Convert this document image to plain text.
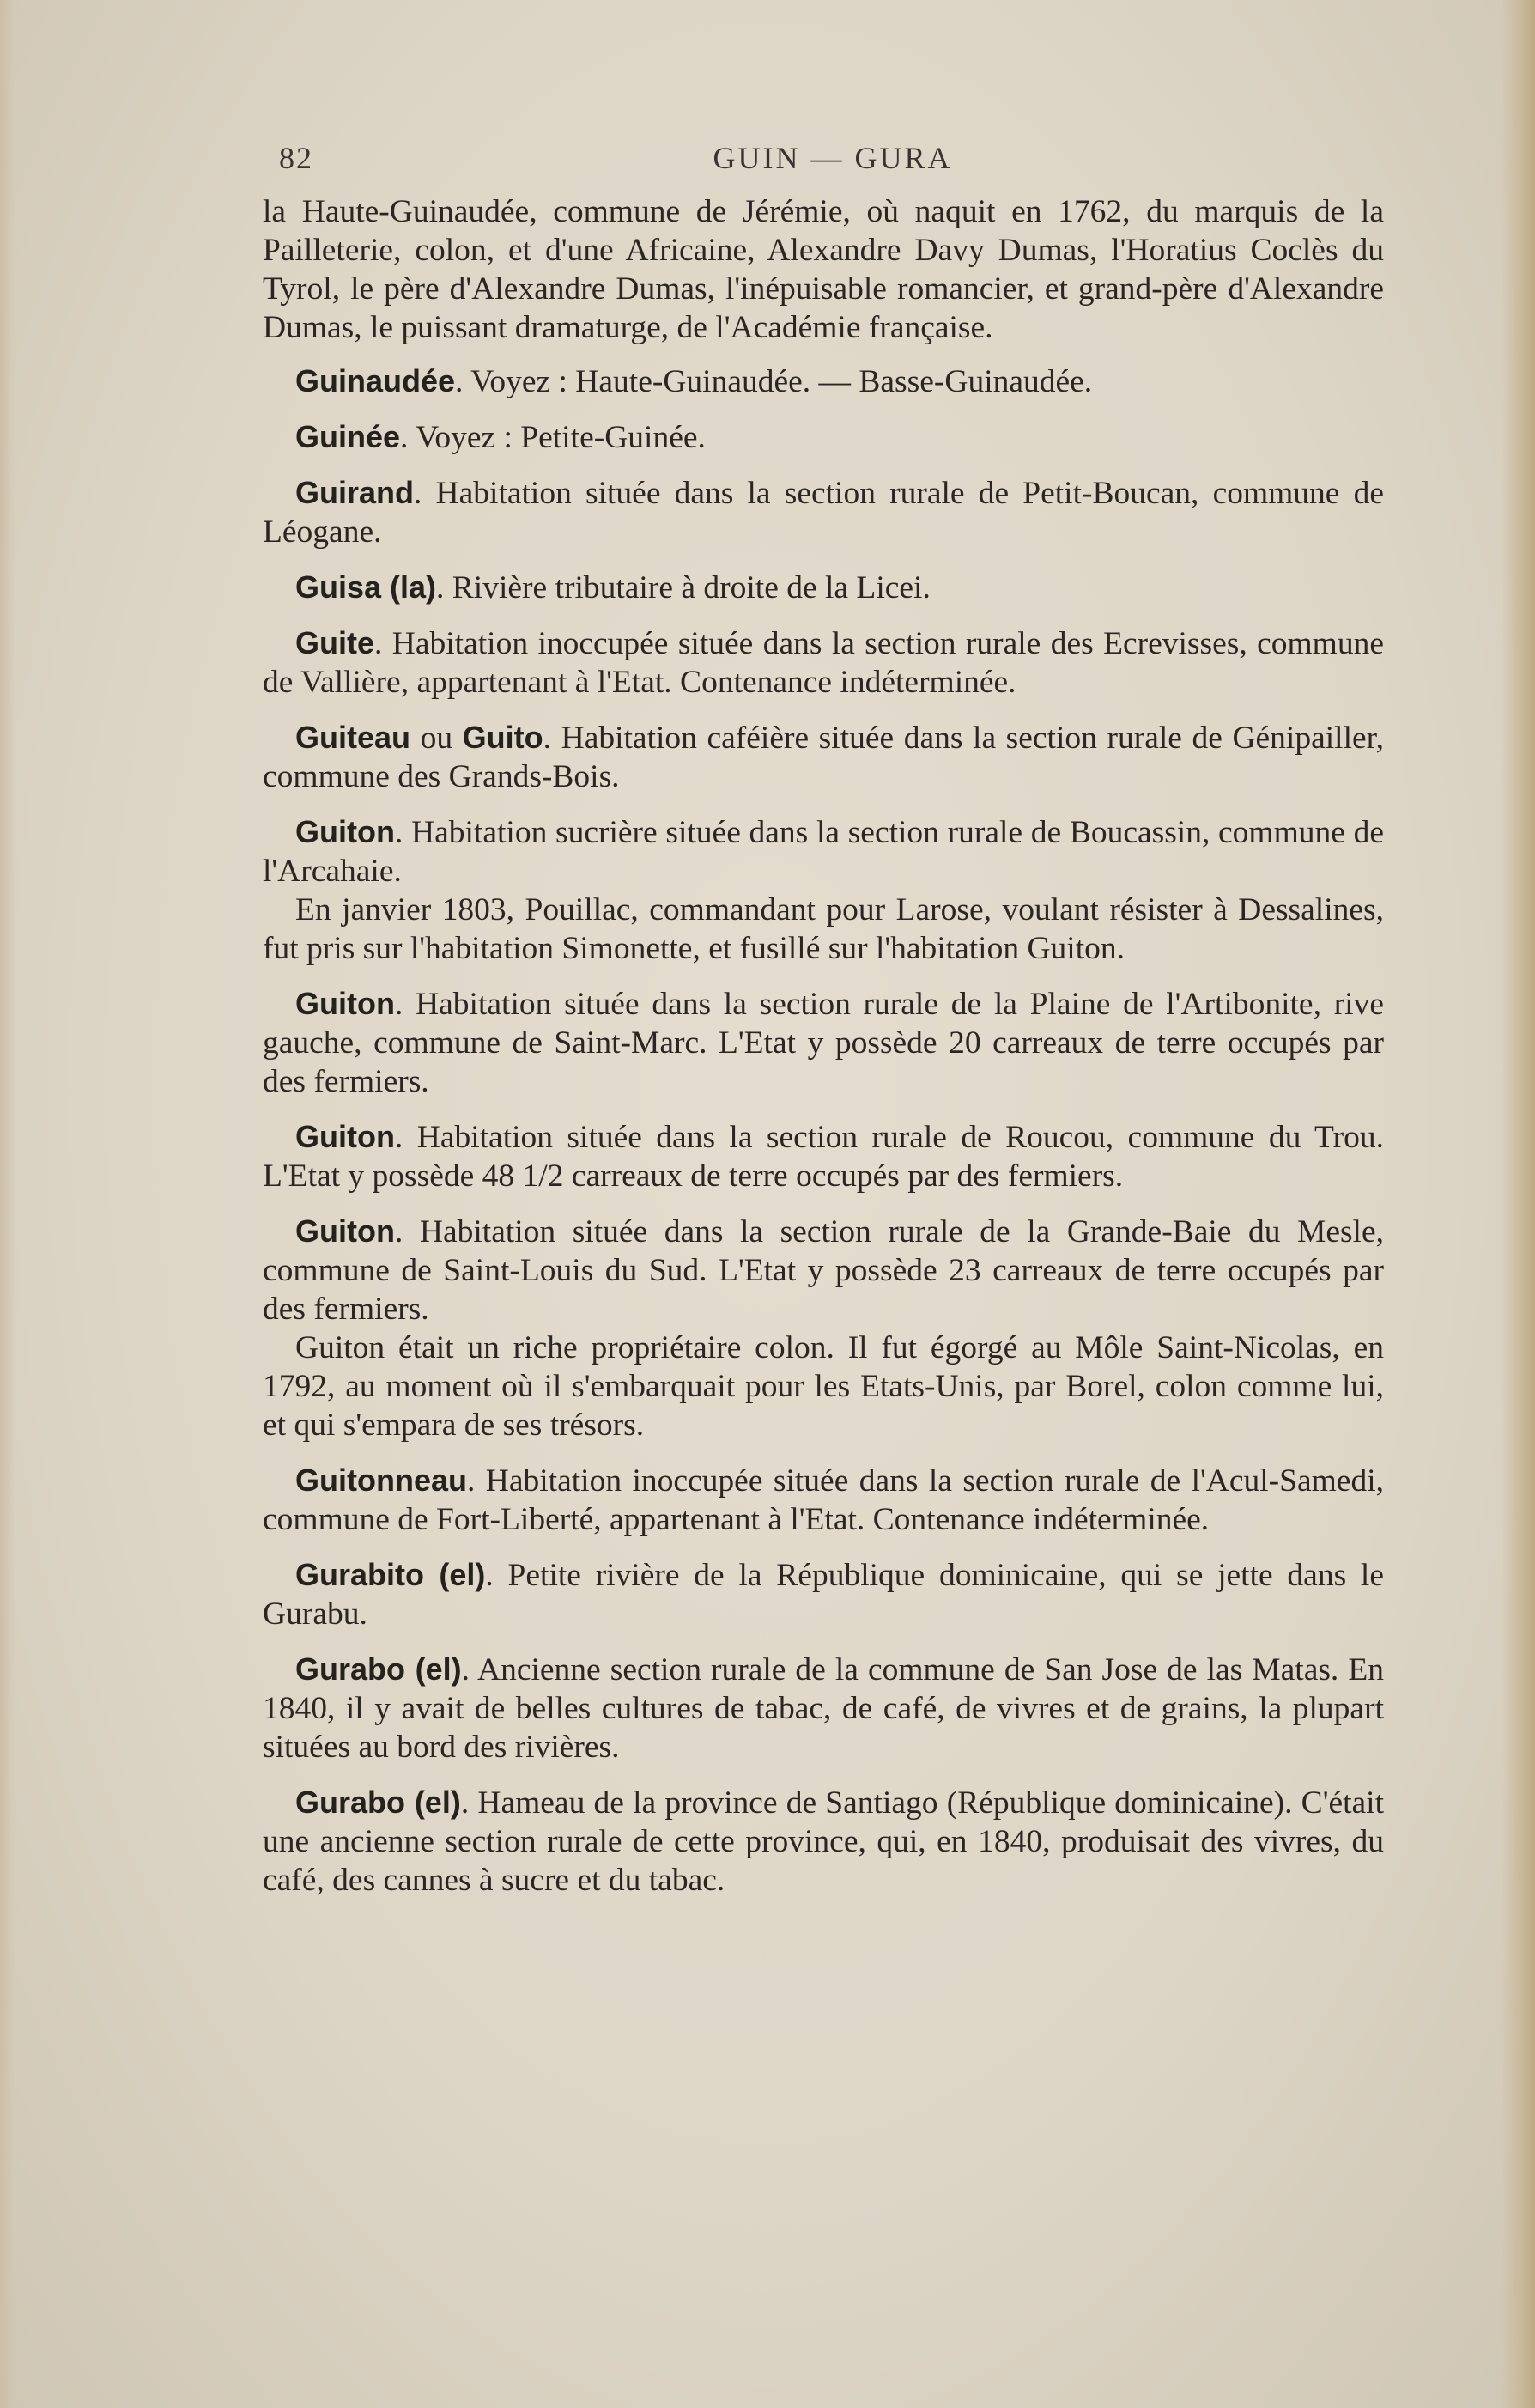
GUIN — GURA
82

la Haute-Guinaudée, commune de Jérémie, où naquit en 1762, du marquis de la Pailleterie, colon, et d'une Africaine, Alexandre Davy Dumas, l'Horatius Coclès du Tyrol, le père d'Alexandre Dumas, l'inépuisable romancier, et grand-père d'Alexandre Dumas, le puissant dramaturge, de l'Académie française.

Guinaudée. Voyez : Haute-Guinaudée. — Basse-Guinaudée.

Guinée. Voyez : Petite-Guinée.

Guirand. Habitation située dans la section rurale de Petit-Boucan, commune de Léogane.

Guisa (la). Rivière tributaire à droite de la Licei.

Guite. Habitation inoccupée située dans la section rurale des Ecrevisses, commune de Vallière, appartenant à l'Etat. Contenance indéterminée.

Guiteau ou Guito. Habitation caféière située dans la section rurale de Génipailler, commune des Grands-Bois.

Guiton. Habitation sucrière située dans la section rurale de Boucassin, commune de l'Arcahaie.

En janvier 1803, Pouillac, commandant pour Larose, voulant résister à Dessalines, fut pris sur l'habitation Simonette, et fusillé sur l'habitation Guiton.

Guiton. Habitation située dans la section rurale de la Plaine de l'Artibonite, rive gauche, commune de Saint-Marc. L'Etat y possède 20 carreaux de terre occupés par des fermiers.

Guiton. Habitation située dans la section rurale de Roucou, commune du Trou. L'Etat y possède 48 1/2 carreaux de terre occupés par des fermiers.

Guiton. Habitation située dans la section rurale de la Grande-Baie du Mesle, commune de Saint-Louis du Sud. L'Etat y possède 23 carreaux de terre occupés par des fermiers.

Guiton était un riche propriétaire colon. Il fut égorgé au Môle Saint-Nicolas, en 1792, au moment où il s'embarquait pour les Etats-Unis, par Borel, colon comme lui, et qui s'empara de ses trésors.

Guitonneau. Habitation inoccupée située dans la section rurale de l'Acul-Samedi, commune de Fort-Liberté, appartenant à l'Etat. Contenance indéterminée.

Gurabito (el). Petite rivière de la République dominicaine, qui se jette dans le Gurabu.

Gurabo (el). Ancienne section rurale de la commune de San Jose de las Matas. En 1840, il y avait de belles cultures de tabac, de café, de vivres et de grains, la plupart situées au bord des rivières.

Gurabo (el). Hameau de la province de Santiago (République dominicaine). C'était une ancienne section rurale de cette province, qui, en 1840, produisait des vivres, du café, des cannes à sucre et du tabac.
